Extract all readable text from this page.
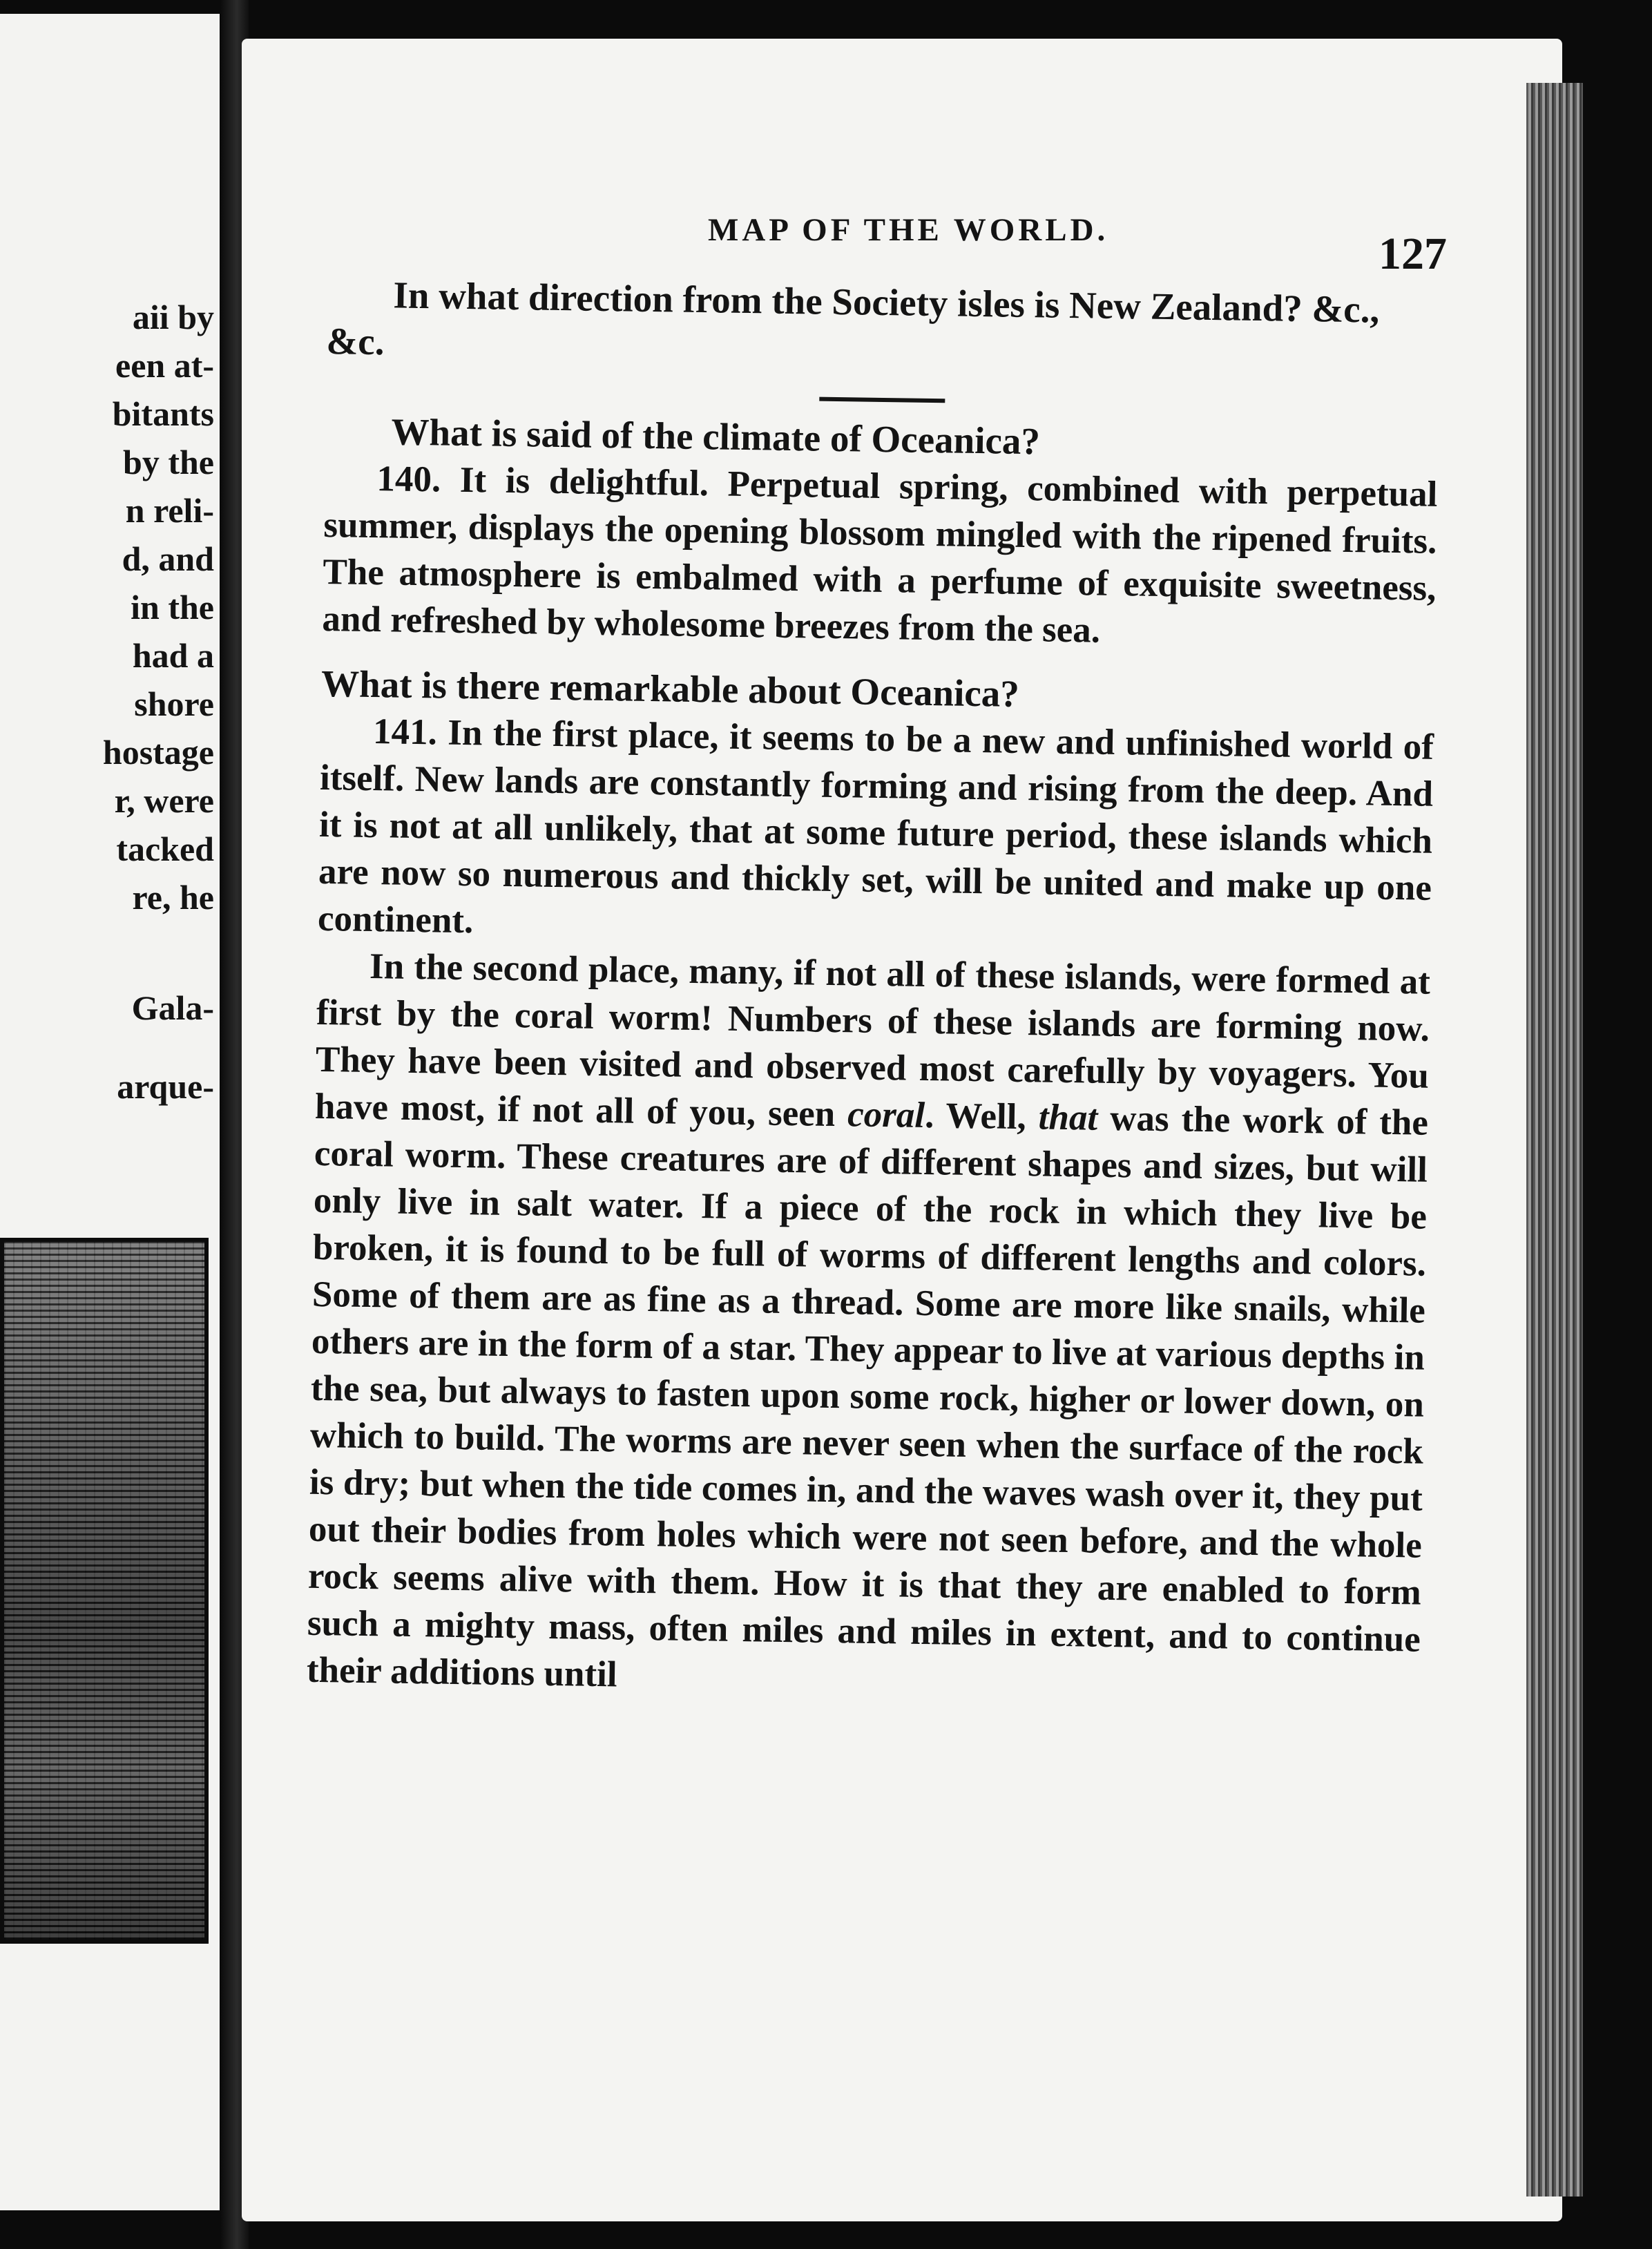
aii by
een at-
bitants
by the
n reli-
d, and
in the
had a
shore
hostage
r, were
tacked
re, he
Gala-
arque-
MAP OF THE WORLD.	127

In what direction from the Society isles is New Zealand? &c., &c.

What is said of the climate of Oceanica?

140. It is delightful. Perpetual spring, combined with perpetual summer, displays the opening blossom mingled with the ripened fruits. The atmosphere is embalmed with a perfume of exquisite sweetness, and refreshed by wholesome breezes from the sea.

What is there remarkable about Oceanica?

141. In the first place, it seems to be a new and unfinished world of itself. New lands are constantly forming and rising from the deep. And it is not at all unlikely, that at some future period, these islands which are now so numerous and thickly set, will be united and make up one continent.

In the second place, many, if not all of these islands, were formed at first by the coral worm! Numbers of these islands are forming now. They have been visited and observed most carefully by voyagers. You have most, if not all of you, seen coral. Well, that was the work of the coral worm. These creatures are of different shapes and sizes, but will only live in salt water. If a piece of the rock in which they live be broken, it is found to be full of worms of different lengths and colors. Some of them are as fine as a thread. Some are more like snails, while others are in the form of a star. They appear to live at various depths in the sea, but always to fasten upon some rock, higher or lower down, on which to build. The worms are never seen when the surface of the rock is dry; but when the tide comes in, and the waves wash over it, they put out their bodies from holes which were not seen before, and the whole rock seems alive with them. How it is that they are enabled to form such a mighty mass, often miles and miles in extent, and to continue their additions until
